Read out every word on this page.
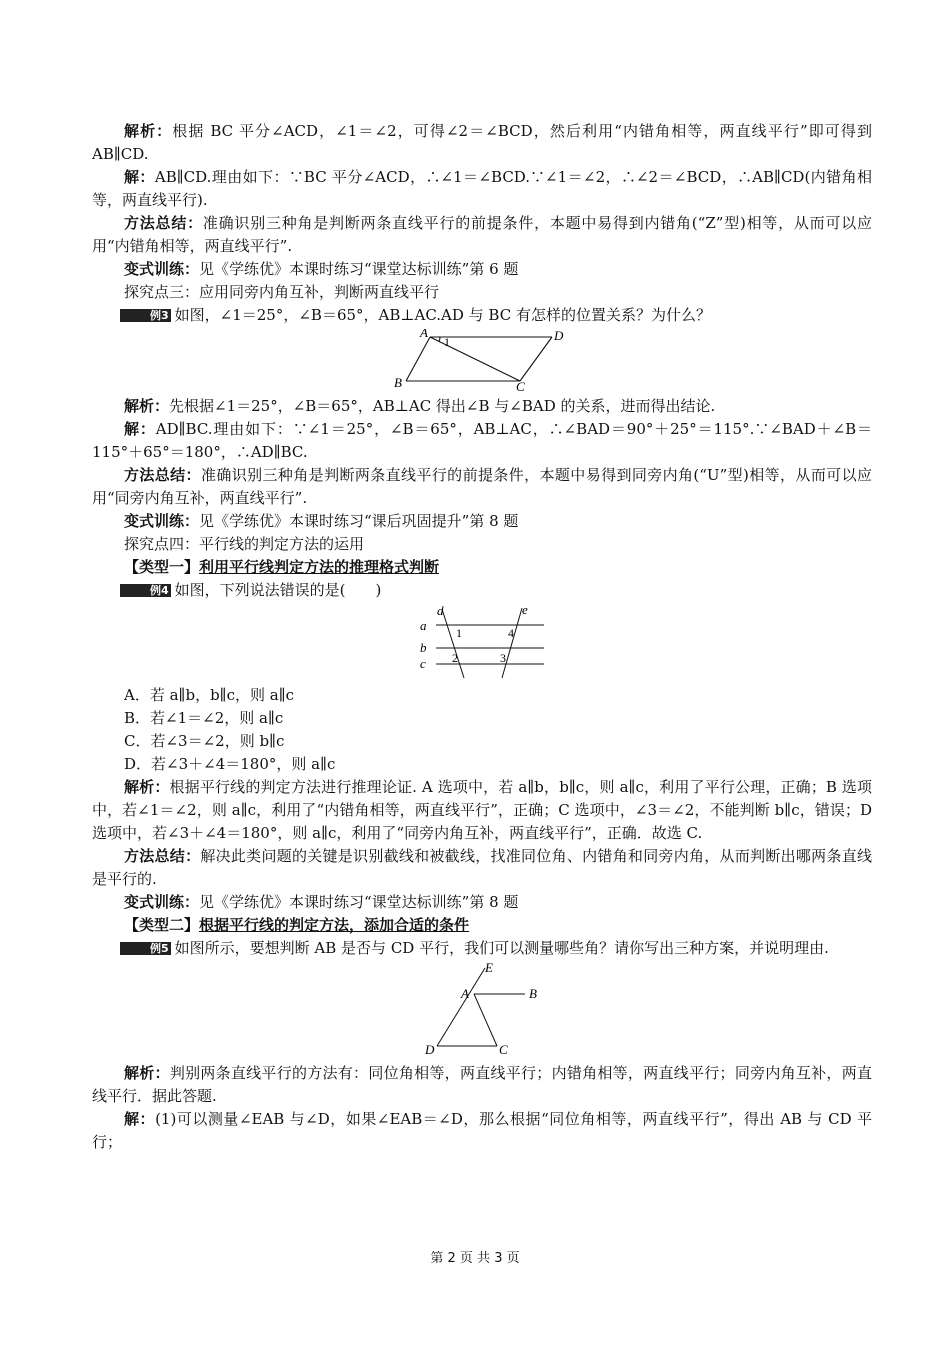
解析：根据 BC 平分∠ACD，∠1＝∠2，可得∠2＝∠BCD，然后利用“内错角相等，两直线平行”即可得到 AB∥CD.

解：AB∥CD.理由如下：∵BC 平分∠ACD，∴∠1＝∠BCD.∵∠1＝∠2，∴∠2＝∠BCD，∴AB∥CD(内错角相等，两直线平行).

方法总结：准确识别三种角是判断两条直线平行的前提条件，本题中易得到内错角(“Z”型)相等，从而可以应用“内错角相等，两直线平行”.

变式训练：见《学练优》本课时练习“课堂达标训练”第 6 题

探究点三：应用同旁内角互补，判断两直线平行

例3 如图，∠1＝25°，∠B＝65°，AB⊥AC.AD 与 BC 有怎样的位置关系？为什么？

A	D
B	C
1

解析：先根据∠1＝25°，∠B＝65°，AB⊥AC 得出∠B 与∠BAD 的关系，进而得出结论.

解：AD∥BC.理由如下：∵∠1＝25°，∠B＝65°，AB⊥AC，∴∠BAD＝90°＋25°＝115°.∵∠BAD＋∠B＝115°＋65°＝180°，∴AD∥BC.

方法总结：准确识别三种角是判断两条直线平行的前提条件，本题中易得到同旁内角(“U”型)相等，从而可以应用“同旁内角互补，两直线平行”.

变式训练：见《学练优》本课时练习“课后巩固提升”第 8 题

探究点四：平行线的判定方法的运用

【类型一】利用平行线判定方法的推理格式判断

例4 如图，下列说法错误的是(　　)

a
b
c
d	e
1	4
2	3

A．若 a∥b，b∥c，则 a∥c

B．若∠1＝∠2，则 a∥c

C．若∠3＝∠2，则 b∥c

D．若∠3＋∠4＝180°，则 a∥c

解析：根据平行线的判定方法进行推理论证. A 选项中，若 a∥b，b∥c，则 a∥c，利用了平行公理，正确；B 选项中，若∠1＝∠2，则 a∥c，利用了“内错角相等，两直线平行”，正确；C 选项中，∠3＝∠2，不能判断 b∥c，错误；D 选项中，若∠3＋∠4＝180°，则 a∥c，利用了“同旁内角互补，两直线平行”，正确．故选 C.

方法总结：解决此类问题的关键是识别截线和被截线，找准同位角、内错角和同旁内角，从而判断出哪两条直线是平行的.

变式训练：见《学练优》本课时练习“课堂达标训练”第 8 题

【类型二】根据平行线的判定方法，添加合适的条件

例5 如图所示，要想判断 AB 是否与 CD 平行，我们可以测量哪些角？请你写出三种方案，并说明理由.

E
A	B
D	C

解析：判别两条直线平行的方法有：同位角相等，两直线平行；内错角相等，两直线平行；同旁内角互补，两直线平行．据此答题.

解：(1)可以测量∠EAB 与∠D，如果∠EAB＝∠D，那么根据“同位角相等，两直线平行”，得出 AB 与 CD 平行；

第 2 页 共 3 页
